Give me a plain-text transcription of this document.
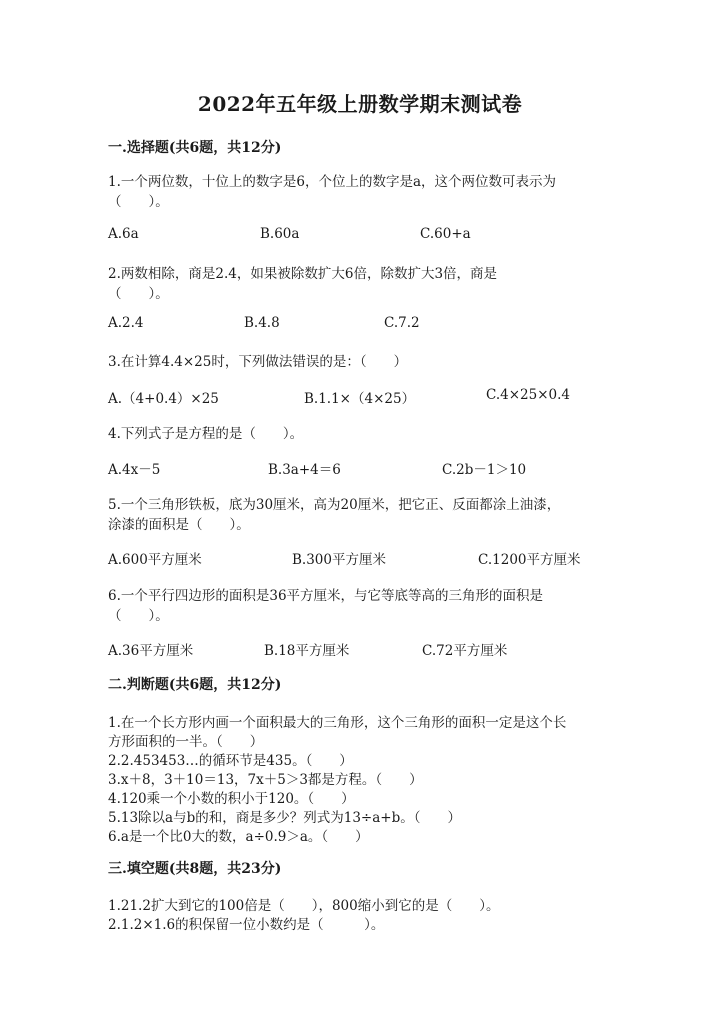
2022年五年级上册数学期末测试卷
一.选择题(共6题，共12分)
1.一个两位数，十位上的数字是6，个位上的数字是a，这个两位数可表示为
（　　）。
A.6a	B.60a	C.60+a
2.两数相除，商是2.4，如果被除数扩大6倍，除数扩大3倍，商是
（　　）。
A.2.4	B.4.8	C.7.2
3.在计算4.4×25时，下列做法错误的是：（　　）
A.（4+0.4）×25	B.1.1×（4×25）	C.4×25×0.4
4.下列式子是方程的是（　　）。
A.4x－5	B.3a+4＝6	C.2b－1＞10
5.一个三角形铁板，底为30厘米，高为20厘米，把它正、反面都涂上油漆，
涂漆的面积是（　　）。
A.600平方厘米	B.300平方厘米	C.1200平方厘米
6.一个平行四边形的面积是36平方厘米，与它等底等高的三角形的面积是
（　　）。
A.36平方厘米	B.18平方厘米	C.72平方厘米
二.判断题(共6题，共12分)
1.在一个长方形内画一个面积最大的三角形，这个三角形的面积一定是这个长
方形面积的一半。（　　）
2.2.453453…的循环节是435。（　　）
3.x＋8，3＋10＝13，7x＋5＞3都是方程。（　　）
4.120乘一个小数的积小于120。（　　）
5.13除以a与b的和，商是多少？列式为13÷a+b。（　　）
6.a是一个比0大的数，a÷0.9＞a。（　　）
三.填空题(共8题，共23分)
1.21.2扩大到它的100倍是（　　），800缩小到它的是（　　）。
2.1.2×1.6的积保留一位小数约是（　　　）。
